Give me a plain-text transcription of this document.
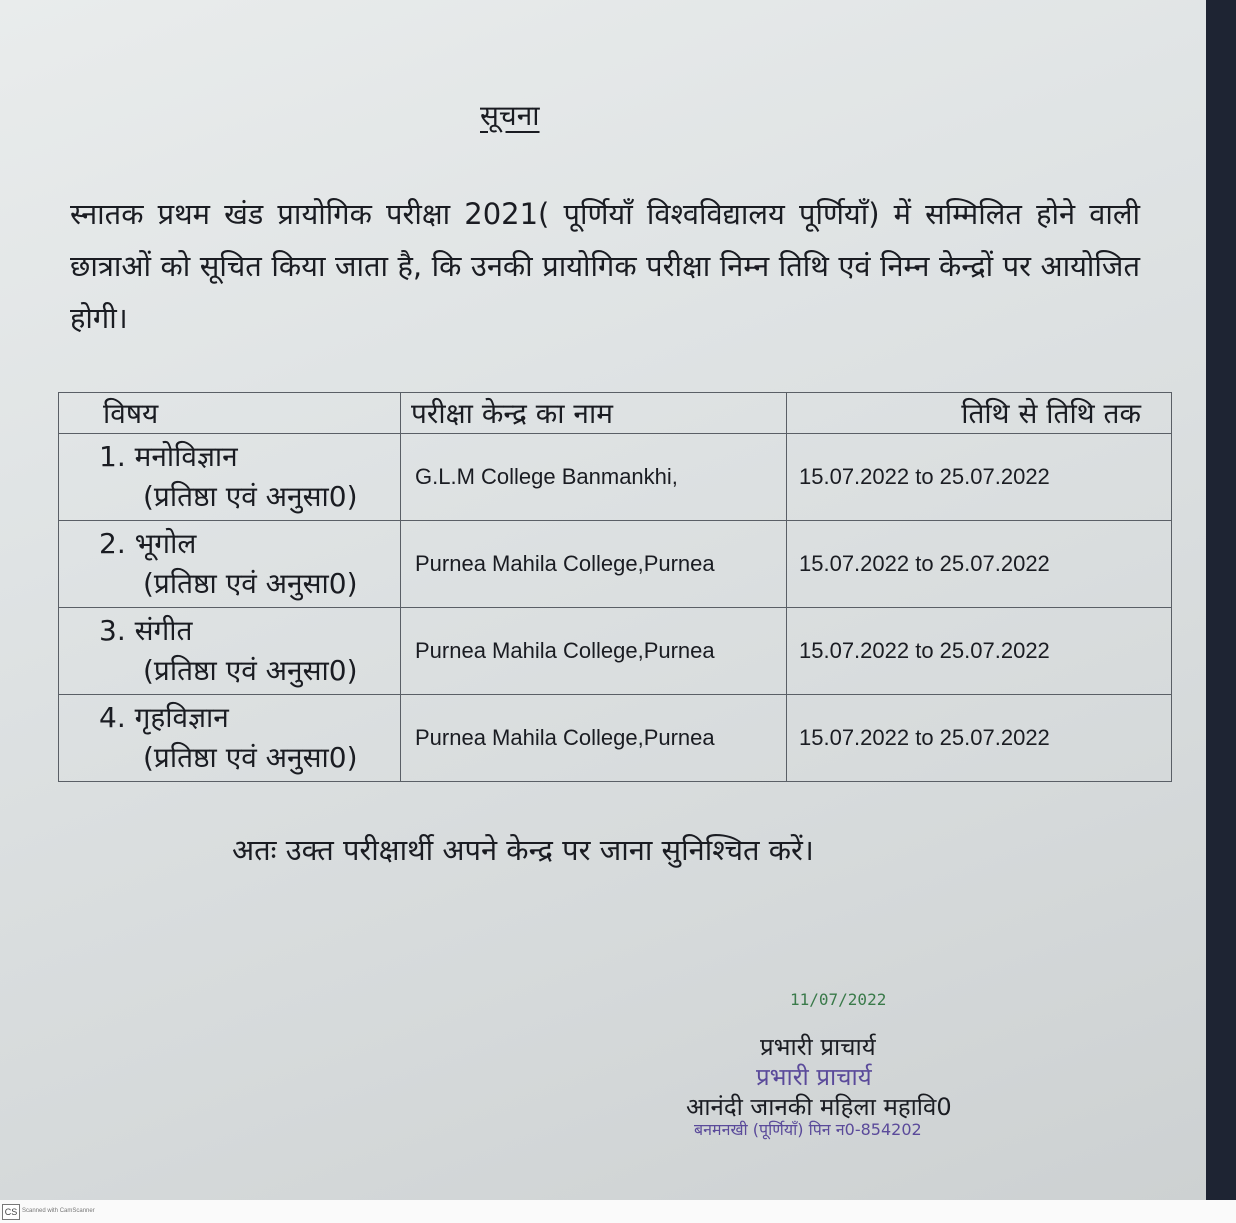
सूचना
स्नातक प्रथम खंड प्रायोगिक परीक्षा 2021( पूर्णियाँ विश्वविद्यालय पूर्णियाँ) में सम्मिलित होने वाली छात्राओं को सूचित किया जाता है, कि उनकी प्रायोगिक परीक्षा निम्न तिथि एवं निम्न केन्द्रों पर आयोजित होगी।
विषय	परीक्षा केन्द्र का नाम	तिथि से तिथि तक
1. मनोविज्ञान
(प्रतिष्ठा एवं अनुसा0)	G.L.M College Banmankhi,	15.07.2022 to 25.07.2022
2. भूगोल
(प्रतिष्ठा एवं अनुसा0)	Purnea Mahila College,Purnea	15.07.2022 to 25.07.2022
3. संगीत
(प्रतिष्ठा एवं अनुसा0)	Purnea Mahila College,Purnea	15.07.2022 to 25.07.2022
4. गृहविज्ञान
(प्रतिष्ठा एवं अनुसा0)	Purnea Mahila College,Purnea	15.07.2022 to 25.07.2022
अतः उक्त परीक्षार्थी अपने केन्द्र पर जाना सुनिश्चित करें।
11/07/2022
प्रभारी प्राचार्य
प्रभारी प्राचार्य
आनंदी जानकी महिला महावि0
बनमनखी (पूर्णियाँ) पिन न0-854202
CS Scanned with CamScanner
